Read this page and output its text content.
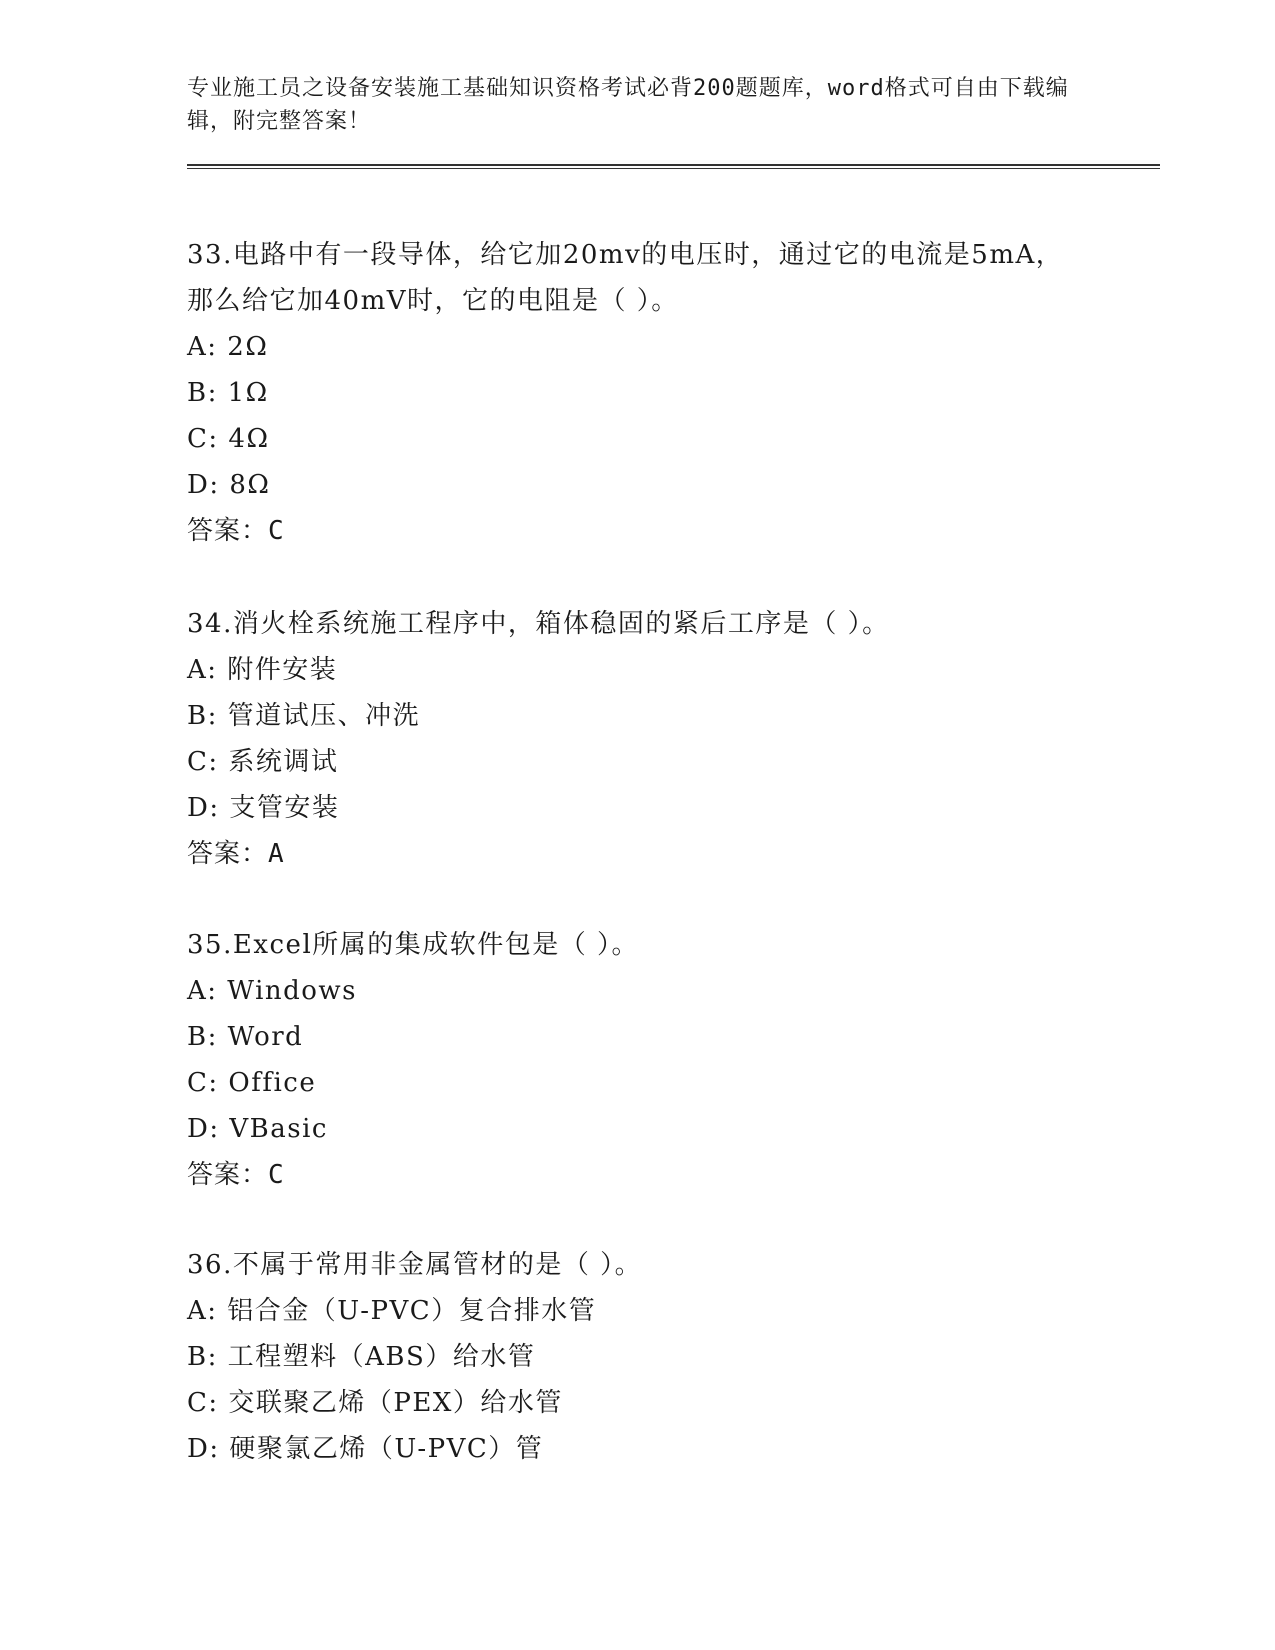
专业施工员之设备安装施工基础知识资格考试必背200题题库，word格式可自由下载编辑，附完整答案！
33.电路中有一段导体，给它加20mv的电压时，通过它的电流是5mA，那么给它加40mV时，它的电阻是（ ）。
A: 2Ω
B: 1Ω
C: 4Ω
D: 8Ω
答案：C
34.消火栓系统施工程序中，箱体稳固的紧后工序是（ ）。
A: 附件安装
B: 管道试压、冲洗
C: 系统调试
D: 支管安装
答案：A
35.Excel所属的集成软件包是（ ）。
A: Windows
B: Word
C: Office
D: VBasic
答案：C
36.不属于常用非金属管材的是（ ）。
A: 铝合金（U-PVC）复合排水管
B: 工程塑料（ABS）给水管
C: 交联聚乙烯（PEX）给水管
D: 硬聚氯乙烯（U-PVC）管
